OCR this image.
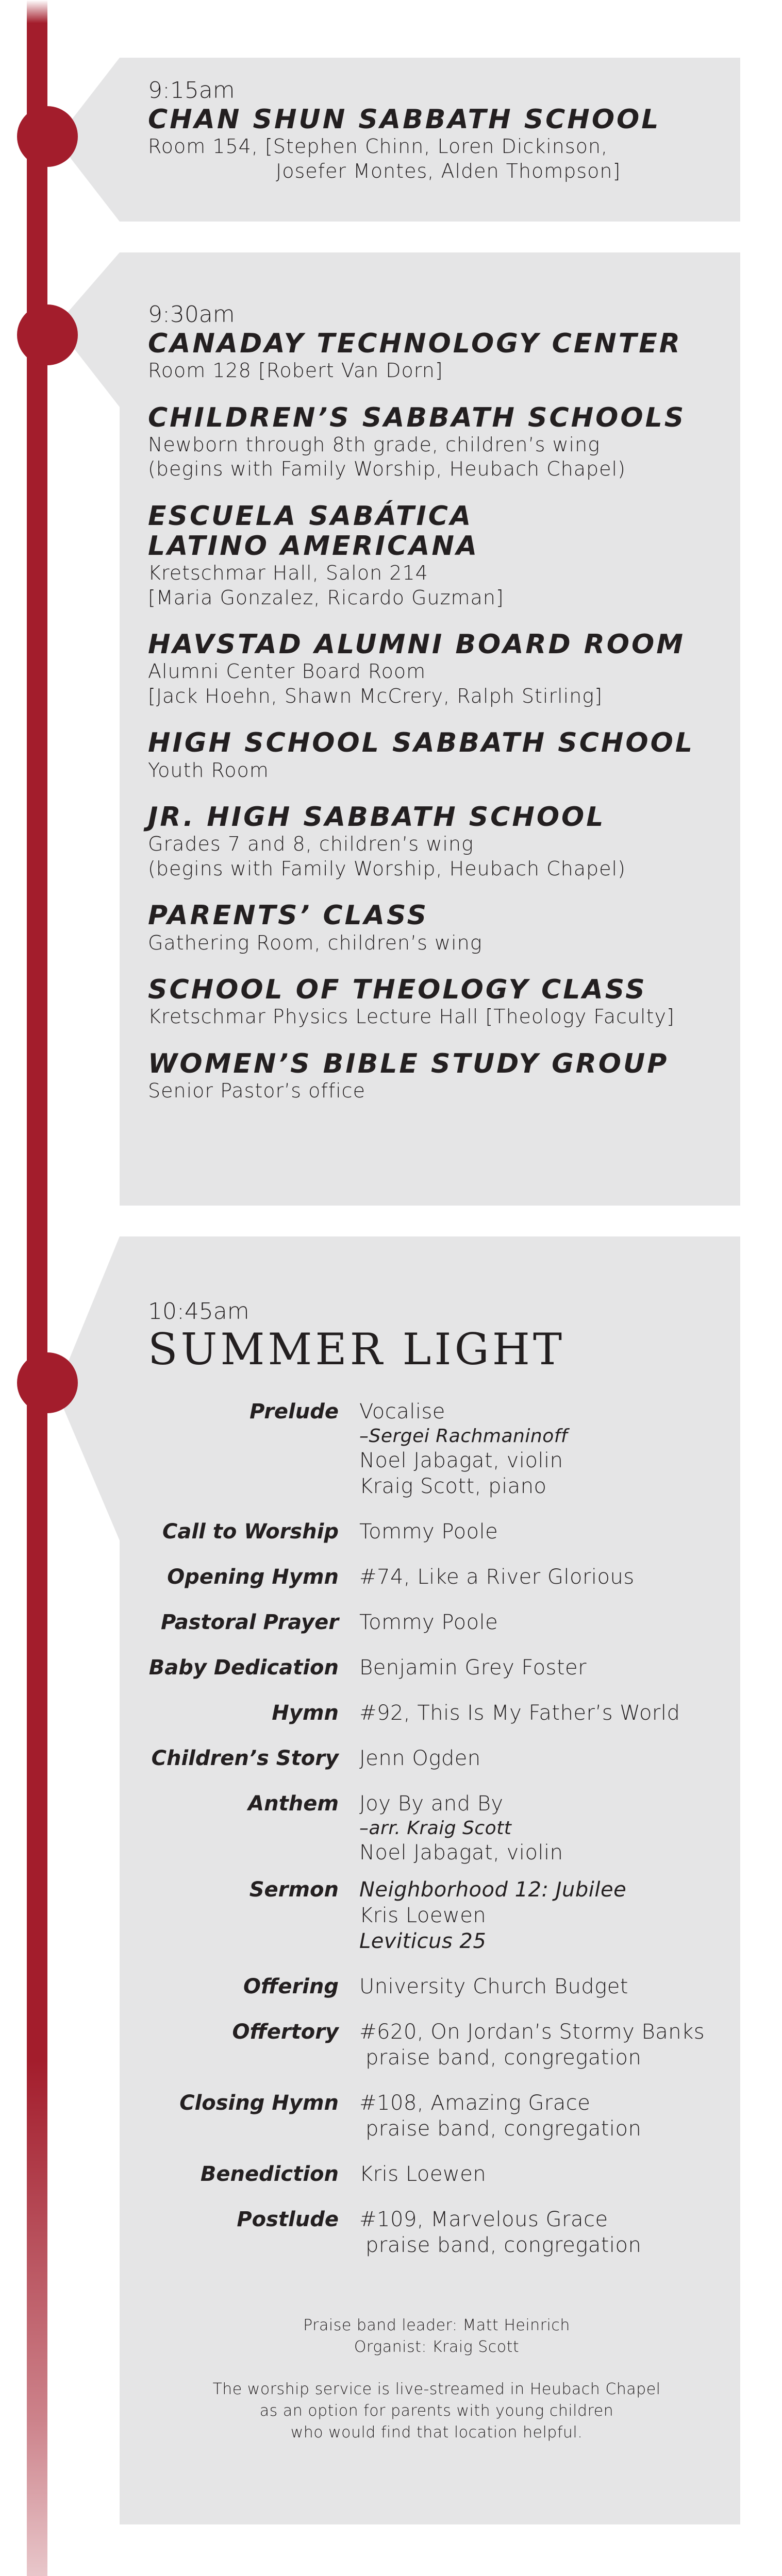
9:15am

CHAN SHUN SABBATH SCHOOL

Room 154, [Stephen Chinn, Loren Dickinson,

Josefer Montes, Alden Thompson]

9:30am

CANADAY TECHNOLOGY CENTER

Room 128 [Robert Van Dorn]

CHILDREN’S SABBATH SCHOOLS

Newborn through 8th grade, children’s wing

(begins with Family Worship, Heubach Chapel)

ESCUELA SABÁTICA
LATINO AMERICANA

Kretschmar Hall, Salon 214

[Maria Gonzalez, Ricardo Guzman]

HAVSTAD ALUMNI BOARD ROOM

Alumni Center Board Room

[Jack Hoehn, Shawn McCrery, Ralph Stirling]

HIGH SCHOOL SABBATH SCHOOL

Youth Room

JR. HIGH SABBATH SCHOOL

Grades 7 and 8, children’s wing

(begins with Family Worship, Heubach Chapel)

PARENTS’ CLASS

Gathering Room, children’s wing

SCHOOL OF THEOLOGY CLASS

Kretschmar Physics Lecture Hall [Theology Faculty]

WOMEN’S BIBLE STUDY GROUP

Senior Pastor’s office

10:45am

SUMMER LIGHT
Prelude Vocalise
–Sergei Rachmaninoff
Noel Jabagat, violin
Kraig Scott, piano
Call to Worship Tommy Poole
Opening Hymn #74, Like a River Glorious
Pastoral Prayer Tommy Poole
Baby Dedication Benjamin Grey Foster
Hymn #92, This Is My Father’s World
Children’s Story Jenn Ogden
Anthem Joy By and By
–arr. Kraig Scott
Noel Jabagat, violin
Sermon Neighborhood 12: Jubilee
Kris Loewen
Leviticus 25
Offering University Church Budget
Offertory #620, On Jordan’s Stormy Banks
praise band, congregation
Closing Hymn #108, Amazing Grace
praise band, congregation
Benediction Kris Loewen
Postlude #109, Marvelous Grace
praise band, congregation
Praise band leader: Matt Heinrich
Organist: Kraig Scott
The worship service is live-streamed in Heubach Chapel
as an option for parents with young children
who would find that location helpful.
